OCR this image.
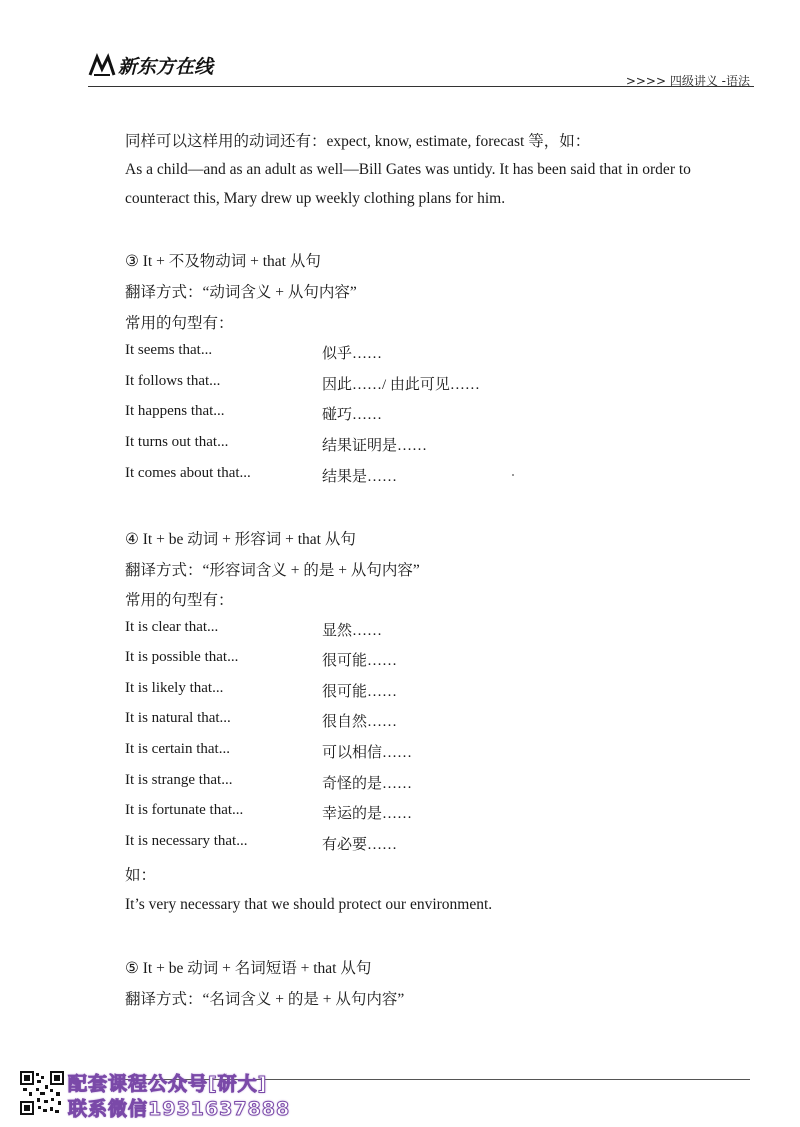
新东方在线
>>>> 四级讲义 -语法
同样可以这样用的动词还有：expect, know, estimate, forecast 等，如：
As a child—and as an adult as well—Bill Gates was untidy. It has been said that in order to
counteract this, Mary drew up weekly clothing plans for him.
③ It + 不及物动词 + that 从句
翻译方式：“动词含义 + 从句内容”
常用的句型有：
It seems that...	似乎……
It follows that...	因此……/ 由此可见……
It happens that...	碰巧……
It turns out that...	结果证明是……
It comes about that...	结果是……
④ It + be 动词 + 形容词 + that 从句
翻译方式：“形容词含义 + 的是 + 从句内容”
常用的句型有：
It is clear that...	显然……
It is possible that...	很可能……
It is likely that...	很可能……
It is natural that...	很自然……
It is certain that...	可以相信……
It is strange that...	奇怪的是……
It is fortunate that...	幸运的是……
It is necessary that...	有必要……
如：
It’s very necessary that we should protect our environment.
⑤ It + be 动词 + 名词短语 + that 从句
翻译方式：“名词含义 + 的是 + 从句内容”
配套课程公众号[研大]
联系微信1931637888
